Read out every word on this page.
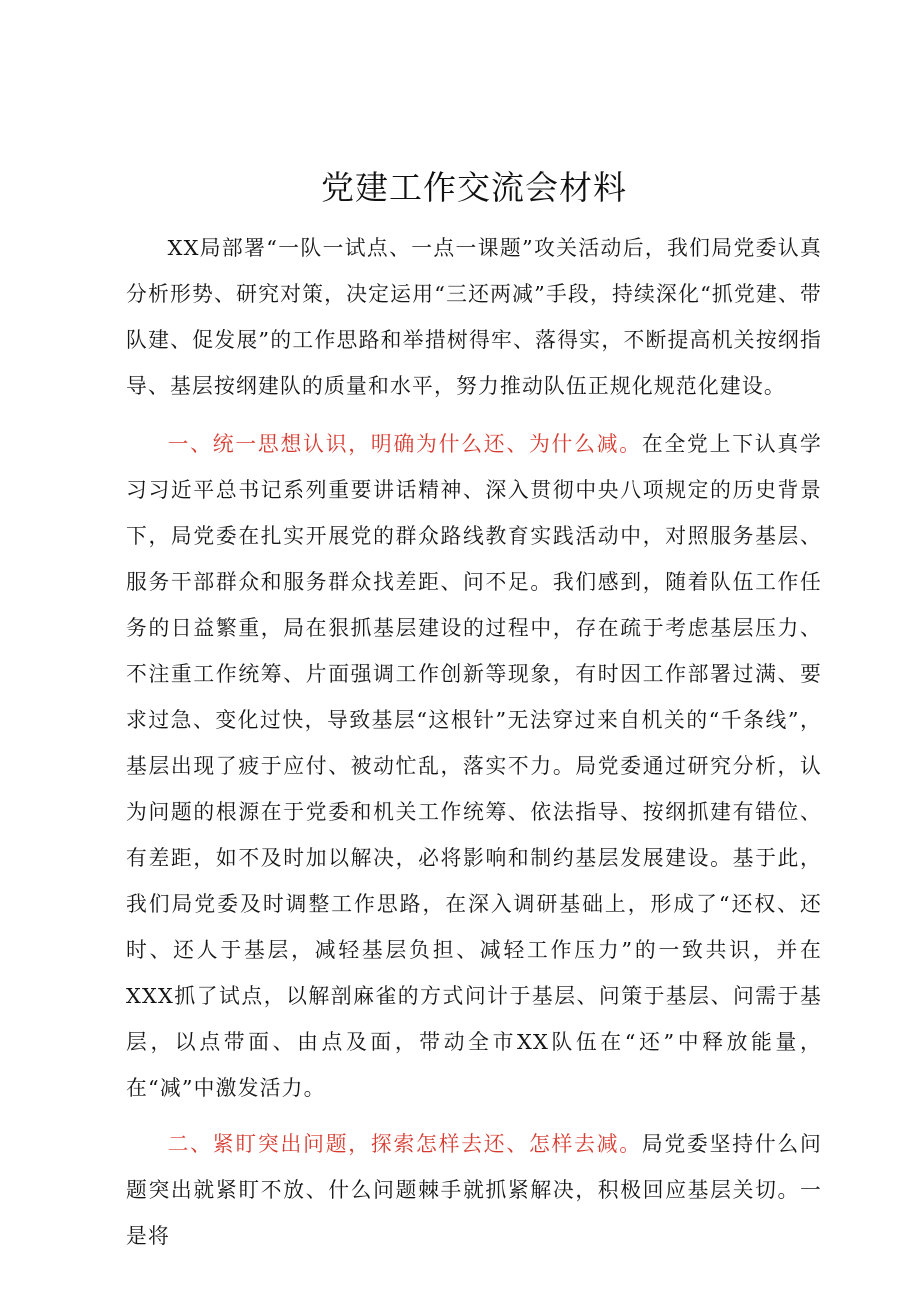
党建工作交流会材料

XX局部署“一队一试点、一点一课题”攻关活动后，我们局党委认真分析形势、研究对策，决定运用“三还两减”手段，持续深化“抓党建、带队建、促发展”的工作思路和举措树得牢、落得实，不断提高机关按纲指导、基层按纲建队的质量和水平，努力推动队伍正规化规范化建设。

一、统一思想认识，明确为什么还、为什么减。在全党上下认真学习习近平总书记系列重要讲话精神、深入贯彻中央八项规定的历史背景下，局党委在扎实开展党的群众路线教育实践活动中，对照服务基层、服务干部群众和服务群众找差距、问不足。我们感到，随着队伍工作任务的日益繁重，局在狠抓基层建设的过程中，存在疏于考虑基层压力、不注重工作统筹、片面强调工作创新等现象，有时因工作部署过满、要求过急、变化过快，导致基层“这根针”无法穿过来自机关的“千条线”，基层出现了疲于应付、被动忙乱，落实不力。局党委通过研究分析，认为问题的根源在于党委和机关工作统筹、依法指导、按纲抓建有错位、有差距，如不及时加以解决，必将影响和制约基层发展建设。基于此，我们局党委及时调整工作思路，在深入调研基础上，形成了“还权、还时、还人于基层，减轻基层负担、减轻工作压力”的一致共识，并在XXX抓了试点，以解剖麻雀的方式问计于基层、问策于基层、问需于基层，以点带面、由点及面，带动全市XX队伍在“还”中释放能量，在“减”中激发活力。

二、紧盯突出问题，探索怎样去还、怎样去减。局党委坚持什么问题突出就紧盯不放、什么问题棘手就抓紧解决，积极回应基层关切。一是将
